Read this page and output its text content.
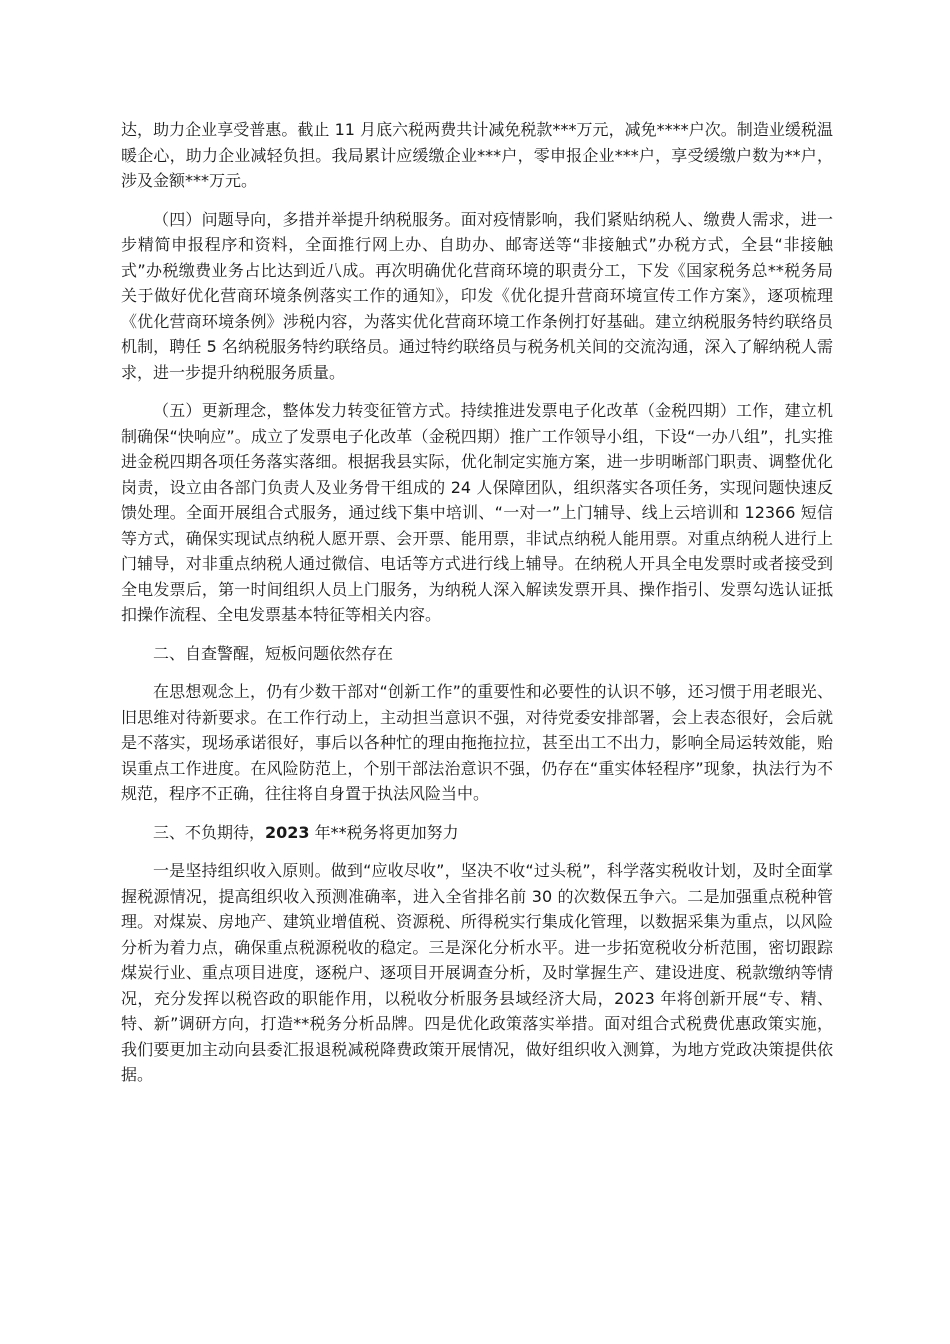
达，助力企业享受普惠。截止 11 月底六税两费共计减免税款***万元，减免****户次。制造业缓税温暖企心，助力企业减轻负担。我局累计应缓缴企业***户，零申报企业***户，享受缓缴户数为**户，涉及金额***万元。

（四）问题导向，多措并举提升纳税服务。面对疫情影响，我们紧贴纳税人、缴费人需求，进一步精简申报程序和资料，全面推行网上办、自助办、邮寄送等“非接触式”办税方式，全县“非接触式”办税缴费业务占比达到近八成。再次明确优化营商环境的职责分工，下发《国家税务总**税务局关于做好优化营商环境条例落实工作的通知》，印发《优化提升营商环境宣传工作方案》，逐项梳理《优化营商环境条例》涉税内容，为落实优化营商环境工作条例打好基础。建立纳税服务特约联络员机制，聘任 5 名纳税服务特约联络员。通过特约联络员与税务机关间的交流沟通，深入了解纳税人需求，进一步提升纳税服务质量。

（五）更新理念，整体发力转变征管方式。持续推进发票电子化改革（金税四期）工作，建立机制确保“快响应”。成立了发票电子化改革（金税四期）推广工作领导小组，下设“一办八组”，扎实推进金税四期各项任务落实落细。根据我县实际，优化制定实施方案，进一步明晰部门职责、调整优化岗责，设立由各部门负责人及业务骨干组成的 24 人保障团队，组织落实各项任务，实现问题快速反馈处理。全面开展组合式服务，通过线下集中培训、“一对一”上门辅导、线上云培训和 12366 短信等方式，确保实现试点纳税人愿开票、会开票、能用票，非试点纳税人能用票。对重点纳税人进行上门辅导，对非重点纳税人通过微信、电话等方式进行线上辅导。在纳税人开具全电发票时或者接受到全电发票后，第一时间组织人员上门服务，为纳税人深入解读发票开具、操作指引、发票勾选认证抵扣操作流程、全电发票基本特征等相关内容。

二、自查警醒，短板问题依然存在

在思想观念上，仍有少数干部对“创新工作”的重要性和必要性的认识不够，还习惯于用老眼光、旧思维对待新要求。在工作行动上，主动担当意识不强，对待党委安排部署，会上表态很好，会后就是不落实，现场承诺很好，事后以各种忙的理由拖拖拉拉，甚至出工不出力，影响全局运转效能，贻误重点工作进度。在风险防范上，个别干部法治意识不强，仍存在“重实体轻程序”现象，执法行为不规范，程序不正确，往往将自身置于执法风险当中。

三、不负期待，2023 年**税务将更加努力

一是坚持组织收入原则。做到“应收尽收”，坚决不收“过头税”，科学落实税收计划，及时全面掌握税源情况，提高组织收入预测准确率，进入全省排名前 30 的次数保五争六。二是加强重点税种管理。对煤炭、房地产、建筑业增值税、资源税、所得税实行集成化管理，以数据采集为重点，以风险分析为着力点，确保重点税源税收的稳定。三是深化分析水平。进一步拓宽税收分析范围，密切跟踪煤炭行业、重点项目进度，逐税户、逐项目开展调查分析，及时掌握生产、建设进度、税款缴纳等情况，充分发挥以税咨政的职能作用，以税收分析服务县域经济大局，2023 年将创新开展“专、精、特、新”调研方向，打造**税务分析品牌。四是优化政策落实举措。面对组合式税费优惠政策实施，我们要更加主动向县委汇报退税减税降费政策开展情况，做好组织收入测算，为地方党政决策提供依据。
